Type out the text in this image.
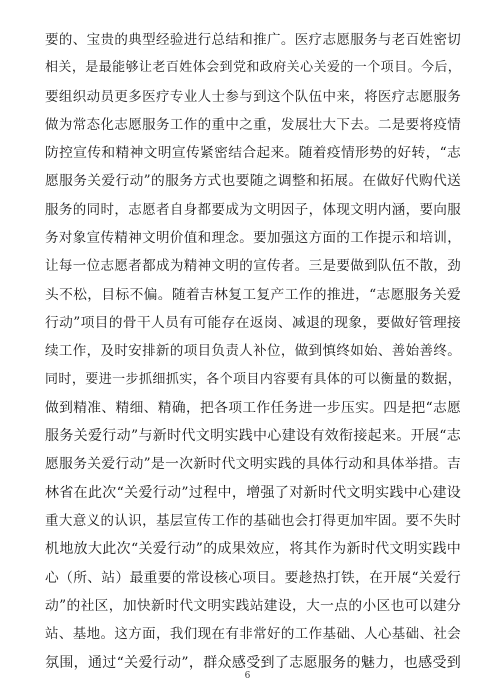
要的、宝贵的典型经验进行总结和推广。医疗志愿服务与老百姓密切
相关，是最能够让老百姓体会到党和政府关心关爱的一个项目。今后，
要组织动员更多医疗专业人士参与到这个队伍中来，将医疗志愿服务
做为常态化志愿服务工作的重中之重，发展壮大下去。二是要将疫情
防控宣传和精神文明宣传紧密结合起来。随着疫情形势的好转，“志
愿服务关爱行动”的服务方式也要随之调整和拓展。在做好代购代送
服务的同时，志愿者自身都要成为文明因子，体现文明内涵，要向服
务对象宣传精神文明价值和理念。要加强这方面的工作提示和培训，
让每一位志愿者都成为精神文明的宣传者。三是要做到队伍不散，劲
头不松，目标不偏。随着吉林复工复产工作的推进，“志愿服务关爱
行动”项目的骨干人员有可能存在返岗、减退的现象，要做好管理接
续工作，及时安排新的项目负责人补位，做到慎终如始、善始善终。
同时，要进一步抓细抓实，各个项目内容要有具体的可以衡量的数据，
做到精准、精细、精确，把各项工作任务进一步压实。四是把“志愿
服务关爱行动”与新时代文明实践中心建设有效衔接起来。开展“志
愿服务关爱行动”是一次新时代文明实践的具体行动和具体举措。吉
林省在此次“关爱行动”过程中，增强了对新时代文明实践中心建设
重大意义的认识，基层宣传工作的基础也会打得更加牢固。要不失时
机地放大此次“关爱行动”的成果效应，将其作为新时代文明实践中
心（所、站）最重要的常设核心项目。要趁热打铁，在开展“关爱行
动”的社区，加快新时代文明实践站建设，大一点的小区也可以建分
站、基地。这方面，我们现在有非常好的工作基础、人心基础、社会
氛围，通过“关爱行动”，群众感受到了志愿服务的魅力，也感受到
6
